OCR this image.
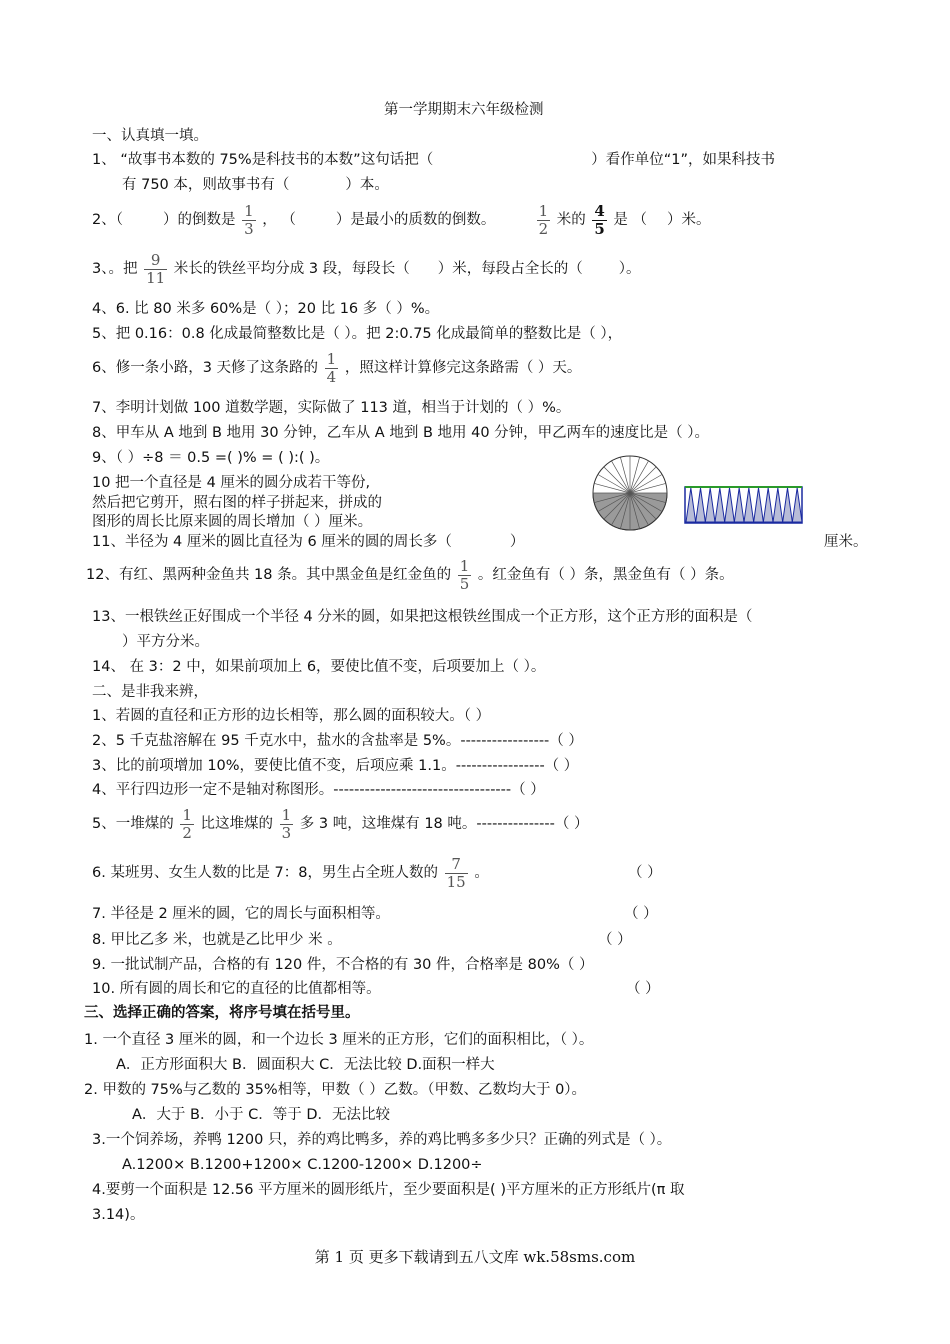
第一学期期末六年级检测
一、认真填一填。
1、 “故事书本数的 75%是科技书的本数”这句话把（	）看作单位“1”，如果科技书
有 750 本，则故事书有（	）本。
2、（	）的倒数是 $\frac{1}{3}$ ， （	）是最小的质数的倒数。	$\frac{1}{2}$ 米的 $\frac{4}{5}$ 是 （ ）米。
3、。把 $\frac{9}{11}$ 米长的铁丝平均分成 3 段，每段长（ ）米，每段占全长的（ ）。
4、6. 比 80 米多 60%是（ ）；20 比 16 多（ ）%。
5、把 0.16：0.8 化成最简整数比是（ ）。把 2:0.75 化成最简单的整数比是（ ），
6、修一条小路，3 天修了这条路的 $\frac{1}{4}$ ，照这样计算修完这条路需（ ）天。
7、李明计划做 100 道数学题，实际做了 113 道，相当于计划的（ ）%。
8、甲车从 A 地到 B 地用 30 分钟，乙车从 A 地到 B 地用 40 分钟，甲乙两车的速度比是（ ）。
9、（ ）÷8 ＝ 0.5 =( )% = ( ):( )。
10 把一个直径是 4 厘米的圆分成若干等份,
然后把它剪开，照右图的样子拼起来，拼成的
图形的周长比原来圆的周长增加（ ）厘米。
11、半径为 4 厘米的圆比直径为 6 厘米的圆的周长多（	）	厘米。
12、有红、黑两种金鱼共 18 条。其中黑金鱼是红金鱼的 $\frac{1}{5}$ 。红金鱼有（ ）条，黑金鱼有（ ）条。
13、一根铁丝正好围成一个半径 4 分米的圆，如果把这根铁丝围成一个正方形，这个正方形的面积是（
）平方分米。
14、 在 3：2 中，如果前项加上 6，要使比值不变，后项要加上（ ）。
二、是非我来辨，
1、若圆的直径和正方形的边长相等，那么圆的面积较大。（ ）
2、5 千克盐溶解在 95 千克水中，盐水的含盐率是 5%。-----------------（ ）
3、比的前项增加 10%，要使比值不变，后项应乘 1.1。-----------------（ ）
4、平行四边形一定不是轴对称图形。----------------------------------（ ）
5、一堆煤的 $\frac{1}{2}$ 比这堆煤的 $\frac{1}{3}$ 多 3 吨，这堆煤有 18 吨。---------------（ ）
6. 某班男、女生人数的比是 7：8，男生占全班人数的 $\frac{7}{15}$ 。	（ ）
7. 半径是 2 厘米的圆，它的周长与面积相等。	（ ）
8. 甲比乙多 米，也就是乙比甲少 米 。	（ ）
9. 一批试制产品，合格的有 120 件，不合格的有 30 件，合格率是 80%（ ）
10. 所有圆的周长和它的直径的比值都相等。	（ ）
三、选择正确的答案，将序号填在括号里。
1. 一个直径 3 厘米的圆，和一个边长 3 厘米的正方形，它们的面积相比，（ ）。
A．正方形面积大 B．圆面积大 C．无法比较 D.面积一样大
2. 甲数的 75%与乙数的 35%相等，甲数（ ）乙数。（甲数、乙数均大于 0）。
A．大于 B．小于 C．等于 D．无法比较
3.一个饲养场，养鸭 1200 只，养的鸡比鸭多，养的鸡比鸭多多少只？正确的列式是（ ）。
A.1200× B.1200+1200× C.1200-1200× D.1200÷
4.要剪一个面积是 12.56 平方厘米的圆形纸片，至少要面积是( )平方厘米的正方形纸片(π 取
3.14)。
第 1 页 更多下载请到五八文库 wk.58sms.com
